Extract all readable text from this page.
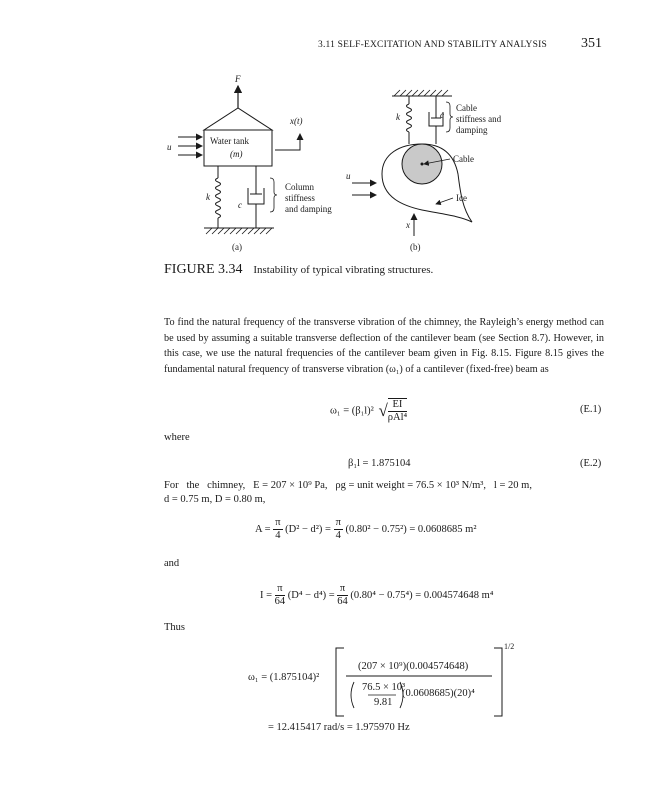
3.11 SELF-EXCITATION AND STABILITY ANALYSIS 351
F
Water tank
(m)
u
x(t)
k
c
Column
stiffness
and damping
(a)
k	c
Cable
stiffness and
damping
Cable
Ice
u
x
(b)
FIGURE 3.34 Instability of typical vibrating structures.
To find the natural frequency of the transverse vibration of the chimney, the Rayleigh’s energy method can be used by assuming a suitable transverse deflection of the cantilever beam (see Section 8.7). However, in this case, we use the natural frequencies of the cantilever beam given in Fig. 8.15. Figure 8.15 gives the fundamental natural frequency of transverse vibration (ω₁) of a cantilever (fixed-free) beam as
ω₁ = (β₁l)² √ $\frac{EI}{\text{ρAl⁴}}$	(E.1)
where
β₁l = 1.875104	(E.2)
For   the   chimney,   E = 207 × 10⁹ Pa,   ρg = unit weight = 76.5 × 10³ N/m³,   l = 20 m,
d = 0.75 m, D = 0.80 m,
$A = \frac{\pi}{4} (D^2 - d^2) = \frac{\pi}{4} (0.80^2 - 0.75^2) = 0.0608685$ m²
and
$I = \frac{\pi}{64} (D^4 - d^4) = \frac{\pi}{64} (0.80^4 - 0.75^4) = 0.004574648$ m⁴
Thus
ω₁ = (1.875104)²
(207 × 10⁹)(0.004574648)
76.5 × 10³
9.81
(0.0608685)(20)⁴
1/2
= 12.415417 rad/s = 1.975970 Hz
